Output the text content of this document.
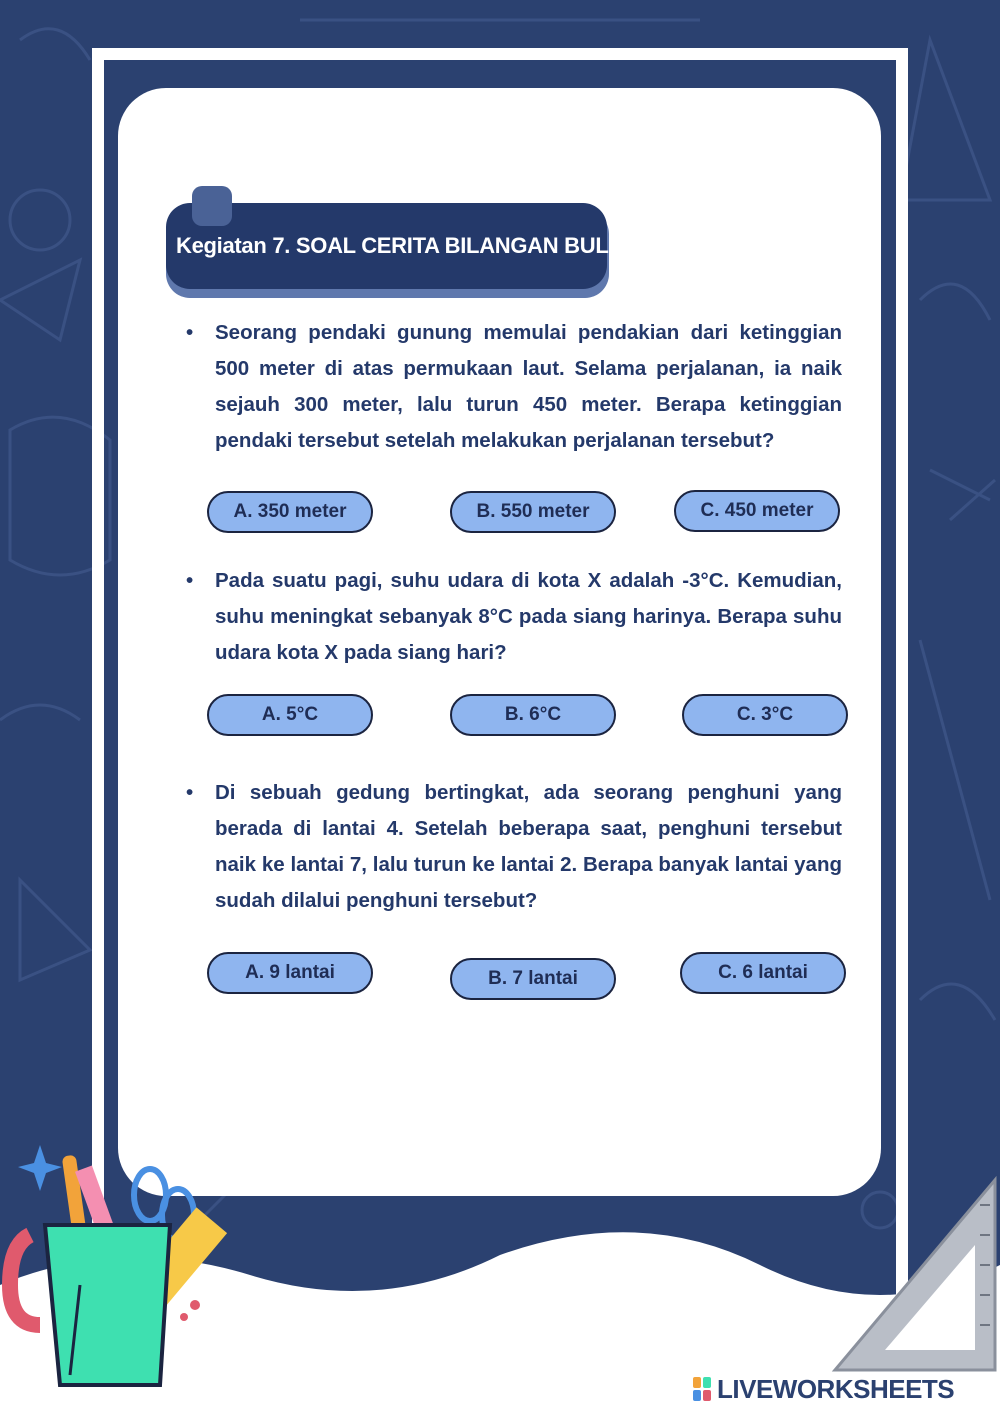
Kegiatan 7. SOAL CERITA BILANGAN BULAT
• Seorang pendaki gunung memulai pendakian dari ketinggian 500 meter di atas permukaan laut. Selama perjalanan, ia naik sejauh 300 meter, lalu turun 450 meter. Berapa ketinggian pendaki tersebut setelah melakukan perjalanan tersebut?
A. 350 meter	B. 550 meter	C. 450 meter
• Pada suatu pagi, suhu udara di kota X adalah -3°C. Kemudian, suhu meningkat sebanyak 8°C pada siang harinya. Berapa suhu udara kota X pada siang hari?
A. 5°C	B. 6°C	C. 3°C
• Di sebuah gedung bertingkat, ada seorang penghuni yang berada di lantai 4. Setelah beberapa saat, penghuni tersebut naik ke lantai 7, lalu turun ke lantai 2. Berapa banyak lantai yang sudah dilalui penghuni tersebut?
A. 9 lantai	B. 7 lantai	C. 6 lantai
LIVEWORKSHEETS
